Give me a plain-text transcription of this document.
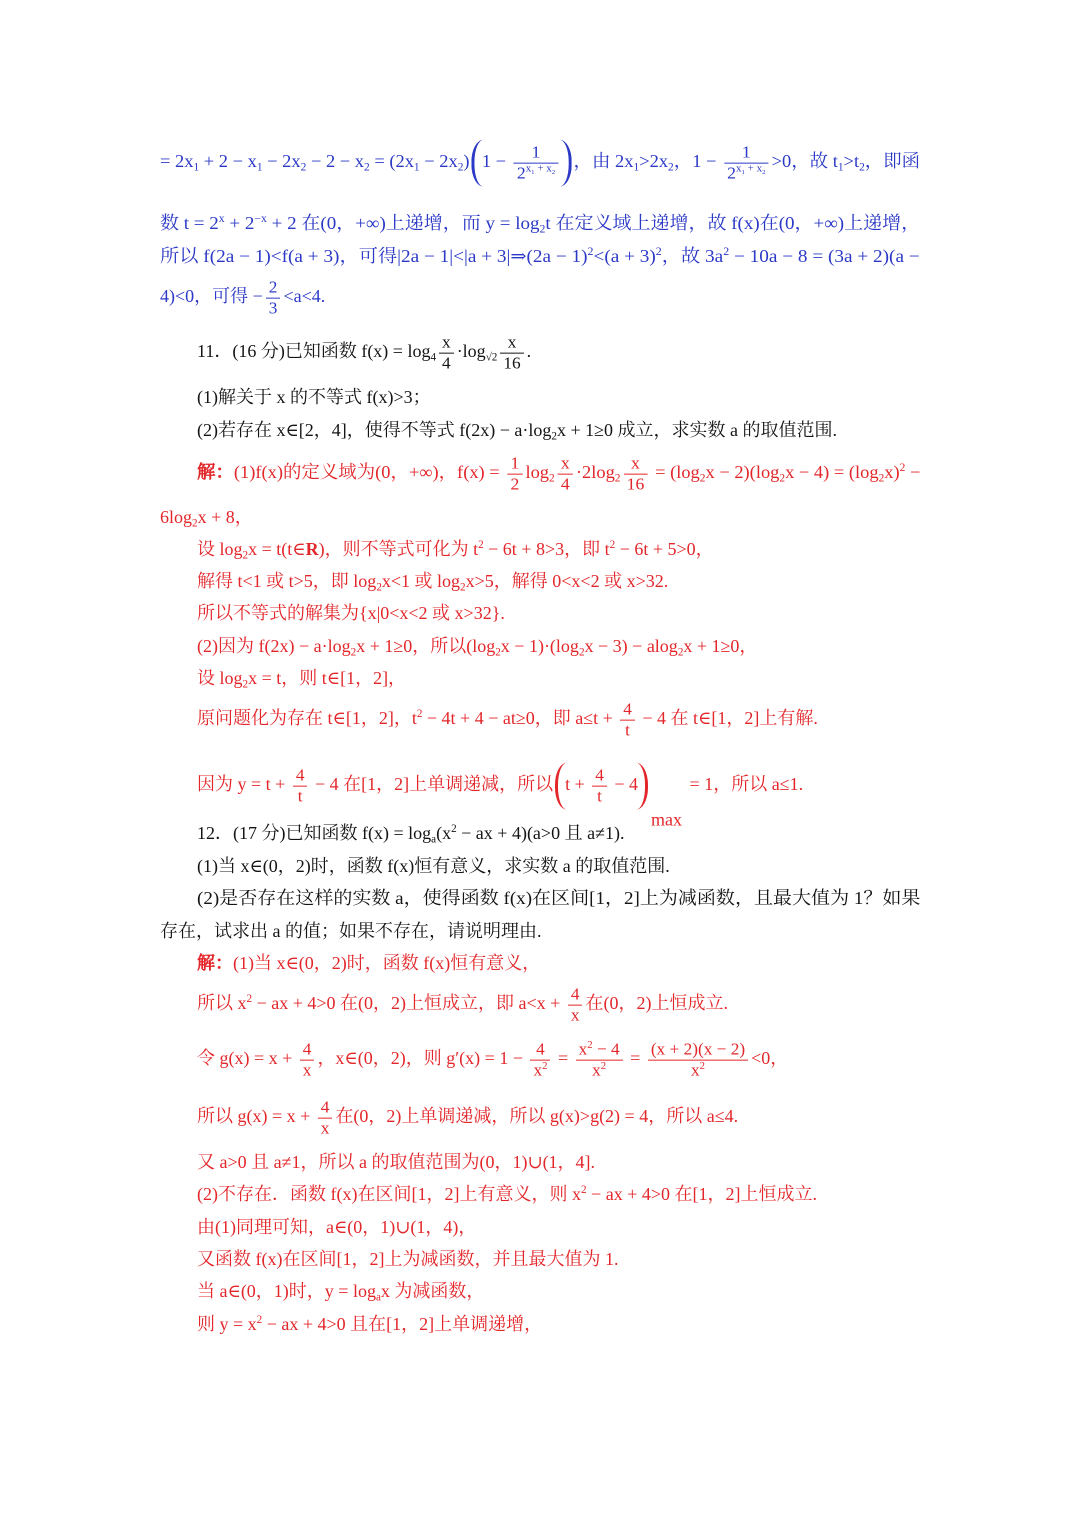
= 2x1 + 2 − x1 − 2x2 − 2 − x2 = (2x1 − 2x2) $1 - \frac{1}{2^{x1 + x2}}$ ，由 2x1>2x2，$1 - \frac{1}{2^{x1 + x2}} >0$，故 t1>t2，即函
数 $t = 2^x + 2^{-x} + 2$ 在(0，+∞)上递增，而 y = log2t 在定义域上递增，故 f(x)在(0，+∞)上递增，
所以 f(2a − 1)<f(a + 3)，可得|2a − 1|<|a + 3|⇒(2a − $1)^2<(a + 3)^2$，故 $3a^2 - 10a - 8 = (3a + 2)(a$ −
4)<0，可得 − $\frac{2}{3} <a<4$.
11．(16 分)已知函数 $f(x) = \log 4 \frac{x}{4} \cdot\log√2 \frac{x}{16}$ .
(1)解关于 x 的不等式 f(x)>3；
(2)若存在 x∈[2，4]，使得不等式 f(2x) − a·log2x + 1≥0 成立，求实数 a 的取值范围.
解：(1)f(x)的定义域为(0，+∞)，$f(x) = \frac{1}{2} \log 2 \frac{x}{4} \cdot 2\log 2 \frac{x}{16} = (\log 2x - 2)(\log 2x - 4) = (\log 2x)^2$ −
6log2x + 8，
设 log2x = t(t∈R)，则不等式可化为 $t^2 - 6t + 8>3$，即 $t^2 - 6t + 5>0$，
解得 t<1 或 t>5，即 log2x<1 或 log2x>5，解得 0<x<2 或 x>32.
所以不等式的解集为{x|0<x<2 或 x>32}.
(2)因为 f(2x) − a·log2x + 1≥0，所以(log2x − 1)·(log2x − 3) − alog2x + 1≥0，
设 log2x = t，则 t∈[1，2]，
原问题化为存在 t∈[1，2]，$t^2 - 4t + 4 - at\ge 0$，即 $a\le t + \frac{4}{t} - 4$ 在 t∈[1，2]上有解.
因为 $y = t + \frac{4}{t} - 4$ 在[1，2]上单调递减，所以 $t + \frac{4}{t} - 4\max = 1$，所以 a≤1.
12．(17 分)已知函数 $f(x) = \log a(x^2$ − ax + 4)(a>0 且 a≠1).
(1)当 x∈(0，2)时，函数 f(x)恒有意义，求实数 a 的取值范围.
(2)是否存在这样的实数 a，使得函数 f(x)在区间[1，2]上为减函数，且最大值为 1？如果
存在，试求出 a 的值；如果不存在，请说明理由.
解：(1)当 x∈(0，2)时，函数 f(x)恒有意义，
所以 $x^2$ − ax + 4>0 在(0，2)上恒成立，即 $a<x + \frac{4}{x}$ 在(0，2)上恒成立.
令 $g(x) = x + \frac{4}{x}$ ，x∈(0，2)，则 $g'(x) = 1 - \frac{4}{x^2} = \frac{x^2 - 4}{x^2} = \frac{(x + 2)(x - 2)}{x^2} <0$，
所以 $g(x) = x + \frac{4}{x}$ 在(0，2)上单调递减，所以 g(x)>g(2) = 4，所以 a≤4.
又 a>0 且 a≠1，所以 a 的取值范围为(0，1)∪(1，4].
(2)不存在．函数 f(x)在区间[1，2]上有意义，则 $x^2$ − ax + 4>0 在[1，2]上恒成立.
由(1)同理可知，a∈(0，1)∪(1，4)，
又函数 f(x)在区间[1，2]上为减函数，并且最大值为 1.
当 a∈(0，1)时，y = logax 为减函数，
则 $y = x^2$ − ax + 4>0 且在[1，2]上单调递增，
